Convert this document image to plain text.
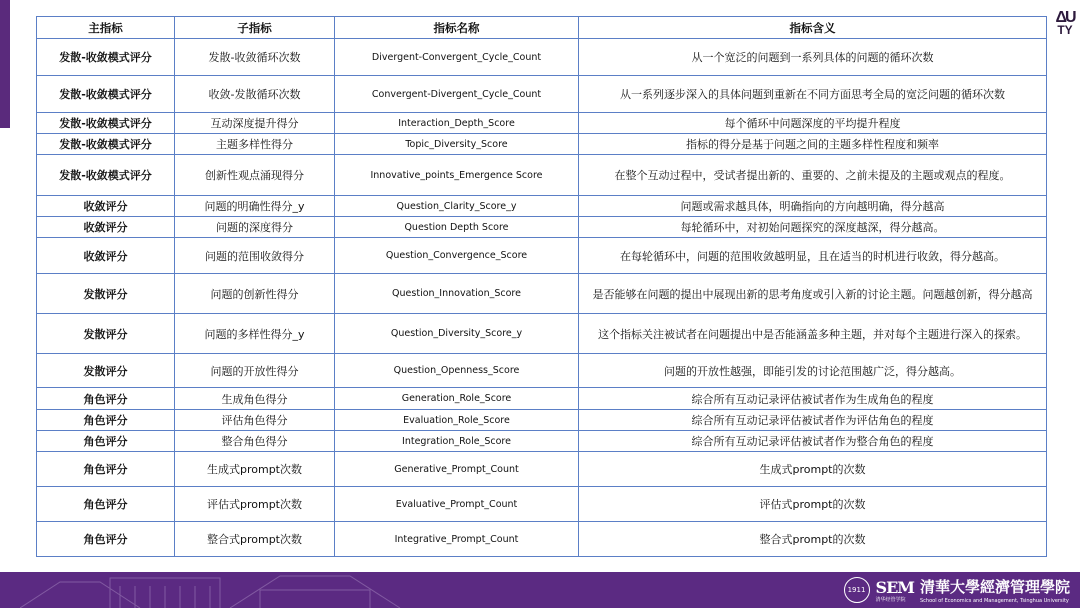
ΔU
TY
主指标	子指标	指标名称	指标含义
发散-收敛模式评分	发散-收敛循环次数	Divergent-Convergent_Cycle_Count	从一个宽泛的问题到一系列具体的问题的循环次数
发散-收敛模式评分	收敛-发散循环次数	Convergent-Divergent_Cycle_Count	从一系列逐步深入的具体问题到重新在不同方面思考全局的宽泛问题的循环次数
发散-收敛模式评分	互动深度提升得分	Interaction_Depth_Score	每个循环中问题深度的平均提升程度
发散-收敛模式评分	主题多样性得分	Topic_Diversity_Score	指标的得分是基于问题之间的主题多样性程度和频率
发散-收敛模式评分	创新性观点涌现得分	Innovative_points_Emergence Score	在整个互动过程中，受试者提出新的、重要的、之前未提及的主题或观点的程度。
收敛评分	问题的明确性得分_y	Question_Clarity_Score_y	问题或需求越具体，明确指向的方向越明确，得分越高
收敛评分	问题的深度得分	Question Depth Score	每轮循环中，对初始问题探究的深度越深，得分越高。
收敛评分	问题的范围收敛得分	Question_Convergence_Score	在每轮循环中，问题的范围收敛越明显，且在适当的时机进行收敛，得分越高。
发散评分	问题的创新性得分	Question_Innovation_Score	是否能够在问题的提出中展现出新的思考角度或引入新的讨论主题。问题越创新，得分越高
发散评分	问题的多样性得分_y	Question_Diversity_Score_y	这个指标关注被试者在问题提出中是否能涵盖多种主题，并对每个主题进行深入的探索。
发散评分	问题的开放性得分	Question_Openness_Score	问题的开放性越强，即能引发的讨论范围越广泛，得分越高。
角色评分	生成角色得分	Generation_Role_Score	综合所有互动记录评估被试者作为生成角色的程度
角色评分	评估角色得分	Evaluation_Role_Score	综合所有互动记录评估被试者作为评估角色的程度
角色评分	整合角色得分	Integration_Role_Score	综合所有互动记录评估被试者作为整合角色的程度
角色评分	生成式prompt次数	Generative_Prompt_Count	生成式prompt的次数
角色评分	评估式prompt次数	Evaluative_Prompt_Count	评估式prompt的次数
角色评分	整合式prompt次数	Integrative_Prompt_Count	整合式prompt的次数
1911 SEM
清华经管学院
清華大學經濟管理學院
School of Economics and Management, Tsinghua University
